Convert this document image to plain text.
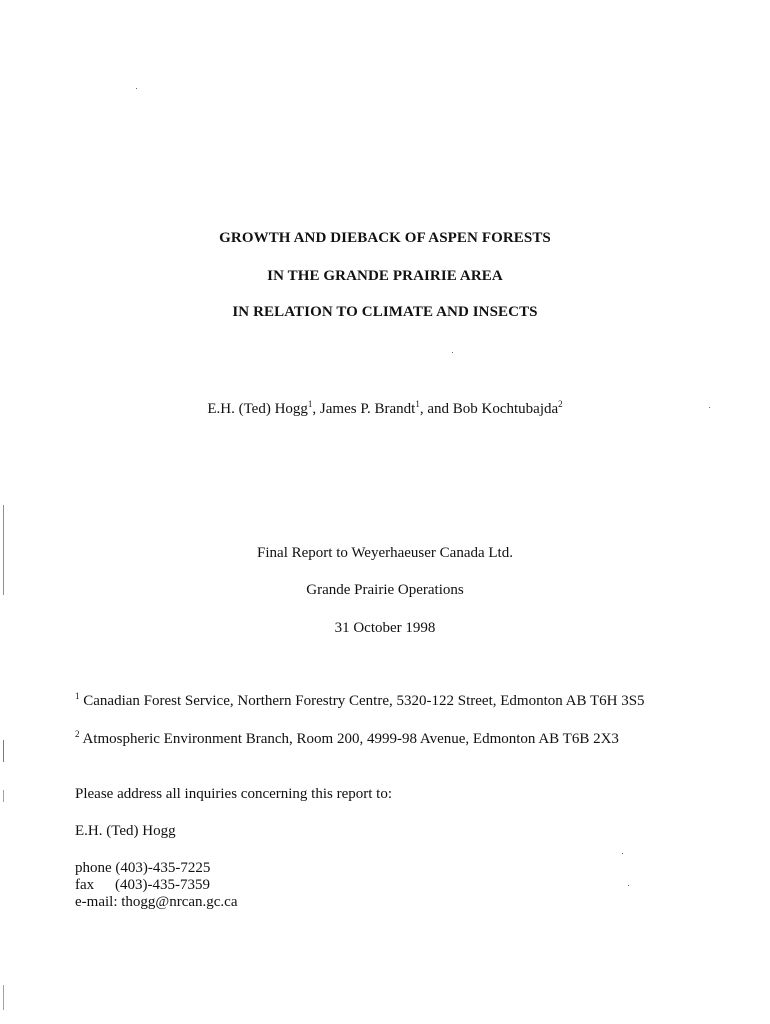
GROWTH AND DIEBACK OF ASPEN FORESTS
IN THE GRANDE PRAIRIE AREA
IN RELATION TO CLIMATE AND INSECTS
E.H. (Ted) Hogg$^1$, James P. Brandt$^1$, and Bob Kochtubajda$^2$
Final Report to Weyerhaeuser Canada Ltd.
Grande Prairie Operations
31 October 1998
$^1$ Canadian Forest Service, Northern Forestry Centre, 5320-122 Street, Edmonton AB T6H 3S5
$^2$ Atmospheric Environment Branch, Room 200, 4999-98 Avenue, Edmonton AB T6B 2X3
Please address all inquiries concerning this report to:
E.H. (Ted) Hogg
phone (403)-435-7225
fax (403)-435-7359
e-mail: thogg@nrcan.gc.ca
